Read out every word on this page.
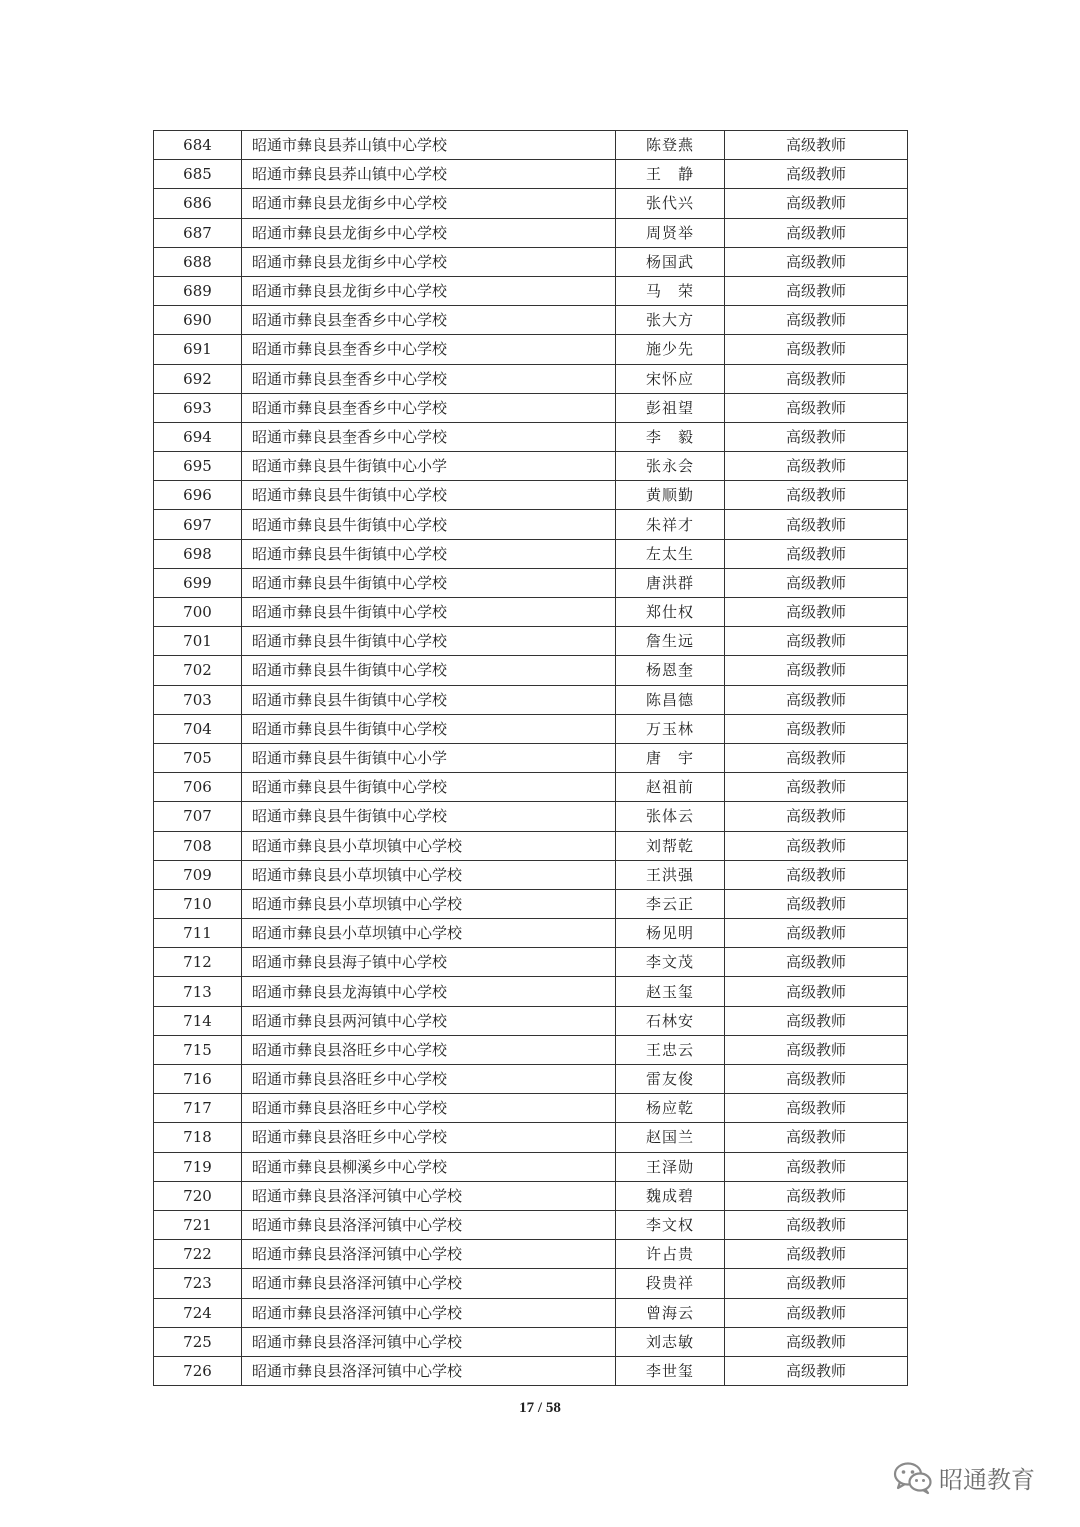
684	昭通市彝良县荞山镇中心学校	陈登燕	高级教师
685	昭通市彝良县荞山镇中心学校	王　静	高级教师
686	昭通市彝良县龙街乡中心学校	张代兴	高级教师
687	昭通市彝良县龙街乡中心学校	周贤举	高级教师
688	昭通市彝良县龙街乡中心学校	杨国武	高级教师
689	昭通市彝良县龙街乡中心学校	马　荣	高级教师
690	昭通市彝良县奎香乡中心学校	张大方	高级教师
691	昭通市彝良县奎香乡中心学校	施少先	高级教师
692	昭通市彝良县奎香乡中心学校	宋怀应	高级教师
693	昭通市彝良县奎香乡中心学校	彭祖望	高级教师
694	昭通市彝良县奎香乡中心学校	李　毅	高级教师
695	昭通市彝良县牛街镇中心小学	张永会	高级教师
696	昭通市彝良县牛街镇中心学校	黄顺勤	高级教师
697	昭通市彝良县牛街镇中心学校	朱祥才	高级教师
698	昭通市彝良县牛街镇中心学校	左太生	高级教师
699	昭通市彝良县牛街镇中心学校	唐洪群	高级教师
700	昭通市彝良县牛街镇中心学校	郑仕权	高级教师
701	昭通市彝良县牛街镇中心学校	詹生远	高级教师
702	昭通市彝良县牛街镇中心学校	杨恩奎	高级教师
703	昭通市彝良县牛街镇中心学校	陈昌德	高级教师
704	昭通市彝良县牛街镇中心学校	万玉林	高级教师
705	昭通市彝良县牛街镇中心小学	唐　宇	高级教师
706	昭通市彝良县牛街镇中心学校	赵祖前	高级教师
707	昭通市彝良县牛街镇中心学校	张体云	高级教师
708	昭通市彝良县小草坝镇中心学校	刘帮乾	高级教师
709	昭通市彝良县小草坝镇中心学校	王洪强	高级教师
710	昭通市彝良县小草坝镇中心学校	李云正	高级教师
711	昭通市彝良县小草坝镇中心学校	杨见明	高级教师
712	昭通市彝良县海子镇中心学校	李文茂	高级教师
713	昭通市彝良县龙海镇中心学校	赵玉玺	高级教师
714	昭通市彝良县两河镇中心学校	石林安	高级教师
715	昭通市彝良县洛旺乡中心学校	王忠云	高级教师
716	昭通市彝良县洛旺乡中心学校	雷友俊	高级教师
717	昭通市彝良县洛旺乡中心学校	杨应乾	高级教师
718	昭通市彝良县洛旺乡中心学校	赵国兰	高级教师
719	昭通市彝良县柳溪乡中心学校	王泽勋	高级教师
720	昭通市彝良县洛泽河镇中心学校	魏成碧	高级教师
721	昭通市彝良县洛泽河镇中心学校	李文权	高级教师
722	昭通市彝良县洛泽河镇中心学校	许占贵	高级教师
723	昭通市彝良县洛泽河镇中心学校	段贵祥	高级教师
724	昭通市彝良县洛泽河镇中心学校	曾海云	高级教师
725	昭通市彝良县洛泽河镇中心学校	刘志敏	高级教师
726	昭通市彝良县洛泽河镇中心学校	李世玺	高级教师
17 / 58
昭通教育
